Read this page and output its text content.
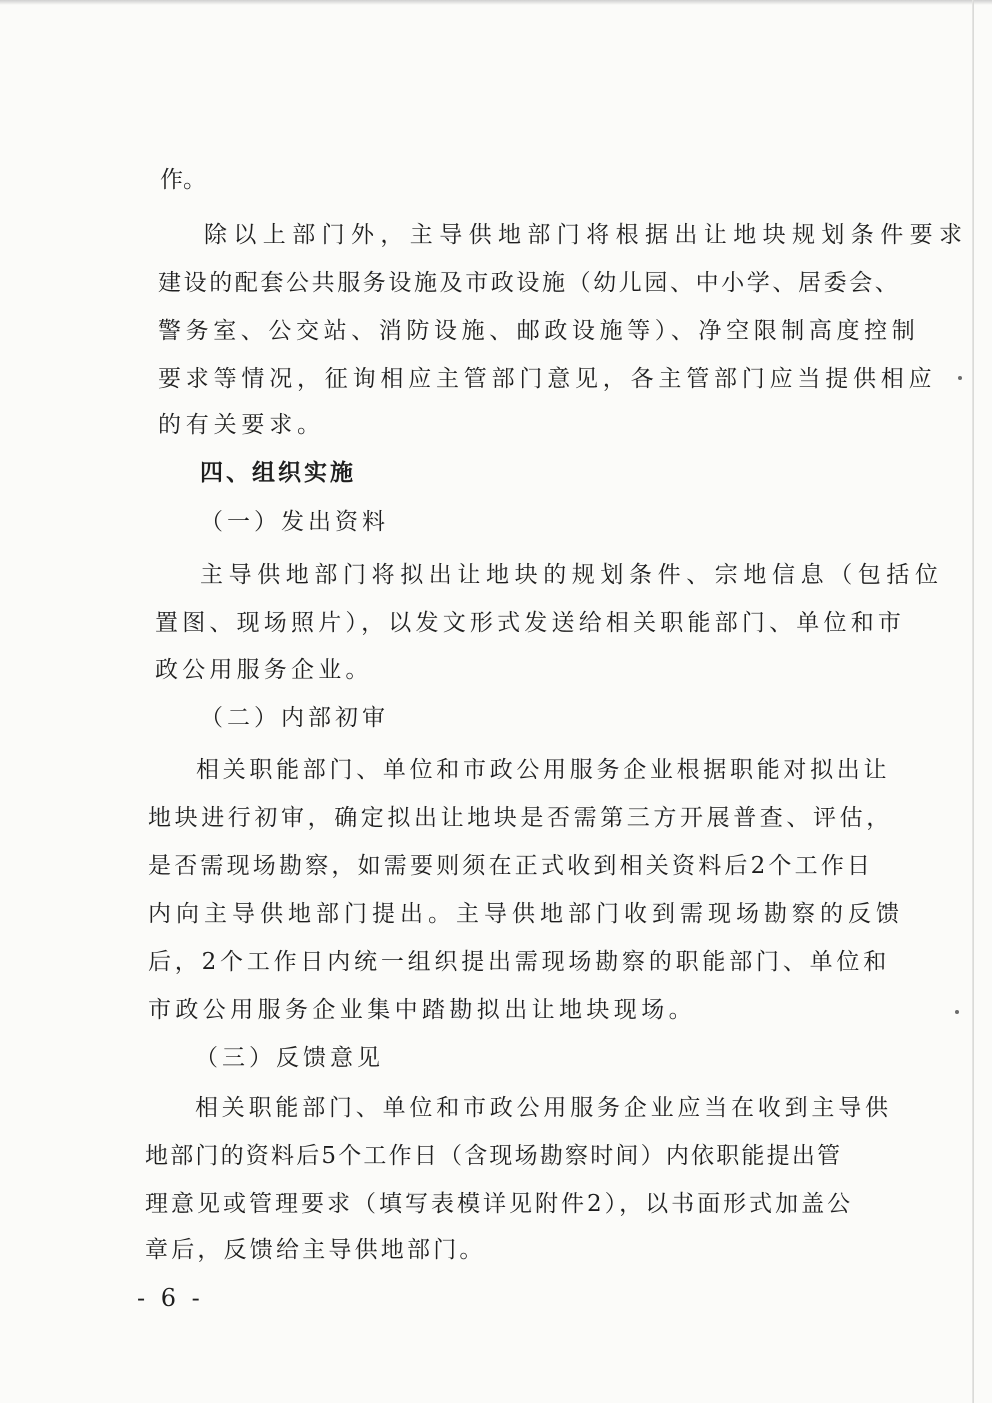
作。
除以上部门外，主导供地部门将根据出让地块规划条件要求
建设的配套公共服务设施及市政设施（幼儿园、中小学、居委会、
警务室、公交站、消防设施、邮政设施等）、净空限制高度控制
要求等情况，征询相应主管部门意见，各主管部门应当提供相应
的有关要求。
四、组织实施
（一）发出资料
主导供地部门将拟出让地块的规划条件、宗地信息（包括位
置图、现场照片），以发文形式发送给相关职能部门、单位和市
政公用服务企业。
（二）内部初审
相关职能部门、单位和市政公用服务企业根据职能对拟出让
地块进行初审，确定拟出让地块是否需第三方开展普查、评估，
是否需现场勘察，如需要则须在正式收到相关资料后2个工作日
内向主导供地部门提出。主导供地部门收到需现场勘察的反馈
后，2个工作日内统一组织提出需现场勘察的职能部门、单位和
市政公用服务企业集中踏勘拟出让地块现场。
（三）反馈意见
相关职能部门、单位和市政公用服务企业应当在收到主导供
地部门的资料后5个工作日（含现场勘察时间）内依职能提出管
理意见或管理要求（填写表模详见附件2），以书面形式加盖公
章后，反馈给主导供地部门。
- 6 -
